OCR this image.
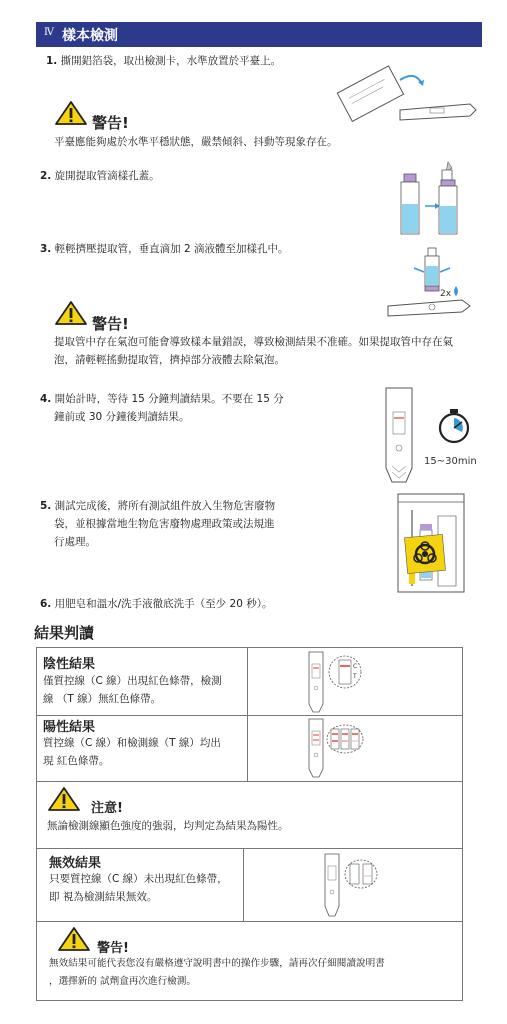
Ⅳ 樣本檢測
1. 撕開鋁箔袋，取出檢測卡，水準放置於平臺上。
警告!
平臺應能夠處於水準平穩狀態，嚴禁傾斜、抖動等現象存在。
2. 旋開提取管滴樣孔蓋。
3. 輕輕擠壓提取管，垂直滴加 2 滴液體至加樣孔中。
2x
警告!
提取管中存在氣泡可能會導致樣本量錯誤，導致檢測結果不准確。如果提取管中存在氣
泡，請輕輕搖動提取管，擠掉部分液體去除氣泡。
4. 開始計時，等待 15 分鐘判讀結果。不要在 15 分
鐘前或 30 分鐘後判讀結果。
15~30min
5. 測試完成後，將所有測試組件放入生物危害廢物
袋，並根據當地生物危害廢物處理政策或法規進
行處理。
6. 用肥皂和溫水/洗手液徹底洗手（至少 20 秒）。
結果判讀
陰性結果
僅質控線（C 線）出現紅色條帶，檢測
線 （T 線）無紅色條帶。
C
T
陽性結果
質控線（C 線）和檢測線（T 線）均出
現 紅色條帶。
注意!
無論檢測線顯色強度的強弱，均判定為結果為陽性。
無效結果
只要質控線（C 線）未出現紅色條帶，
即 視為檢測結果無效。
警告!
無效結果可能代表您沒有嚴格遵守說明書中的操作步驟，請再次仔細閱讀說明書
，選擇新的 試劑盒再次進行檢測。
